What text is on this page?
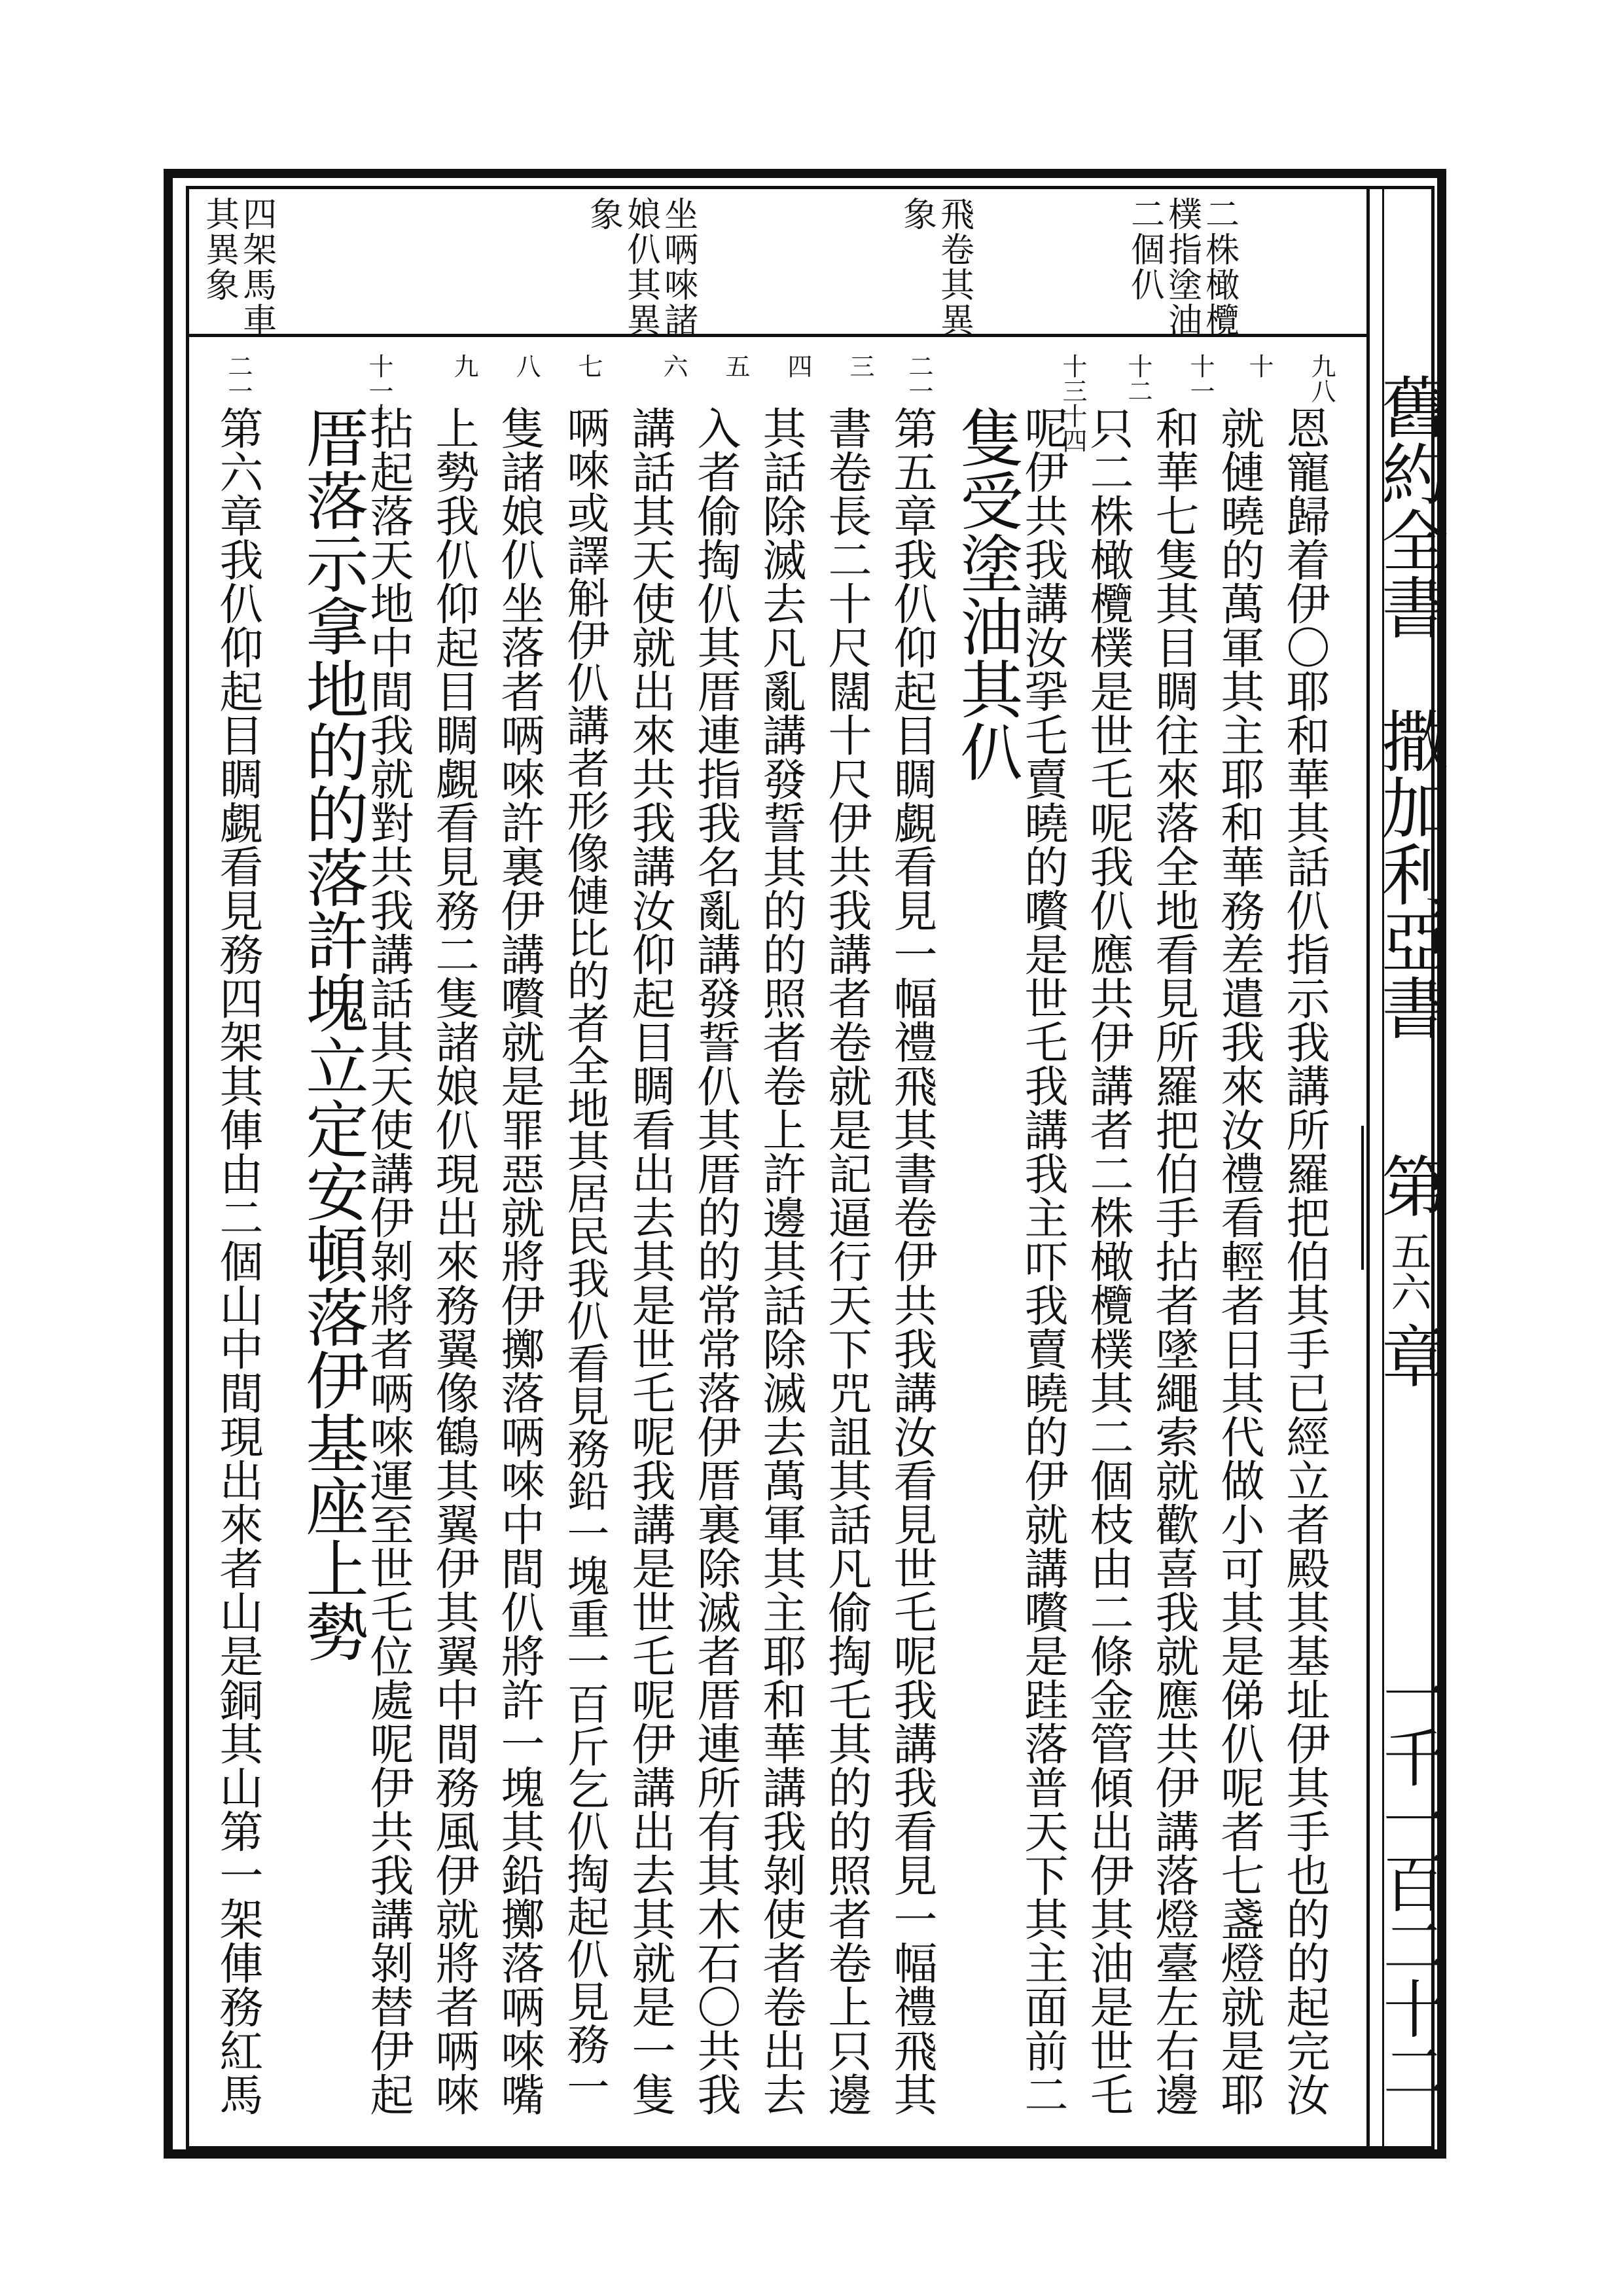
舊約全書
撒加利亞書
第
五六
章
一千一百二十二
二株橄欖
樸指塗油
二個仈
飛卷其異
象
坐唡唻諸
娘仈其異
象
四架馬車
其異象
九八
十
十一
十二
十三十四
二一
三
四
五
六
七
八
九
十一十
二一
恩寵歸着伊〇耶和華其話仈指示我講所羅把伯其手已經立者殿其基址伊其手也的的起完汝
就僆曉的萬軍其主耶和華務差遣我來汝禮看輕者日其代做小可其是俤仈呢者七盞燈就是耶
和華七隻其目睭往來落全地看見所羅把伯手拈者墜繩索就歡喜我就應共伊講落燈臺左右邊
只二株橄欖樸是世乇呢我仈應共伊講者二株橄欖樸其二個枝由二條金管傾出伊其油是世乇
呢伊共我講汝㧬乇賣曉的嚽是世乇我講我主吓我賣曉的伊就講嚽是跬落普天下其主面前二
隻受塗油其仈
第五章我仈仰起目睭覷看見一幅禮飛其書卷伊共我講汝看見世乇呢我講我看見一幅禮飛其
書卷長二十尺闊十尺伊共我講者卷就是記逼行天下咒詛其話凡偷掏乇其的的照者卷上只邊
其話除滅去凡亂講發誓其的的照者卷上許邊其話除滅去萬軍其主耶和華講我剝使者卷出去
入者偷掏仈其厝連指我名亂講發誓仈其厝的的常常落伊厝裏除滅者厝連所有其木石〇共我
講話其天使就出來共我講汝仰起目睭看出去其是世乇呢我講是世乇呢伊講出去其就是一隻
唡唻或譯斛伊仈講者形像僆比的者全地其居民我仈看見務鉛一塊重一百斤乞仈掏起仈見務一
隻諸娘仈坐落者唡唻許裏伊講嚽就是罪惡就將伊擲落唡唻中間仈將許一塊其鉛擲落唡唻嘴
上勢我仈仰起目睭覷看見務二隻諸娘仈現出來務翼像鶴其翼伊其翼中間務風伊就將者唡唻
拈起落天地中間我就對共我講話其天使講伊剝將者唡唻運至世乇位處呢伊共我講剝替伊起
厝落示拿地的的落許塊立定安頓落伊基座上勢
第六章我仈仰起目睭覷看見務四架其俥由二個山中間現出來者山是銅其山第一架俥務紅馬
